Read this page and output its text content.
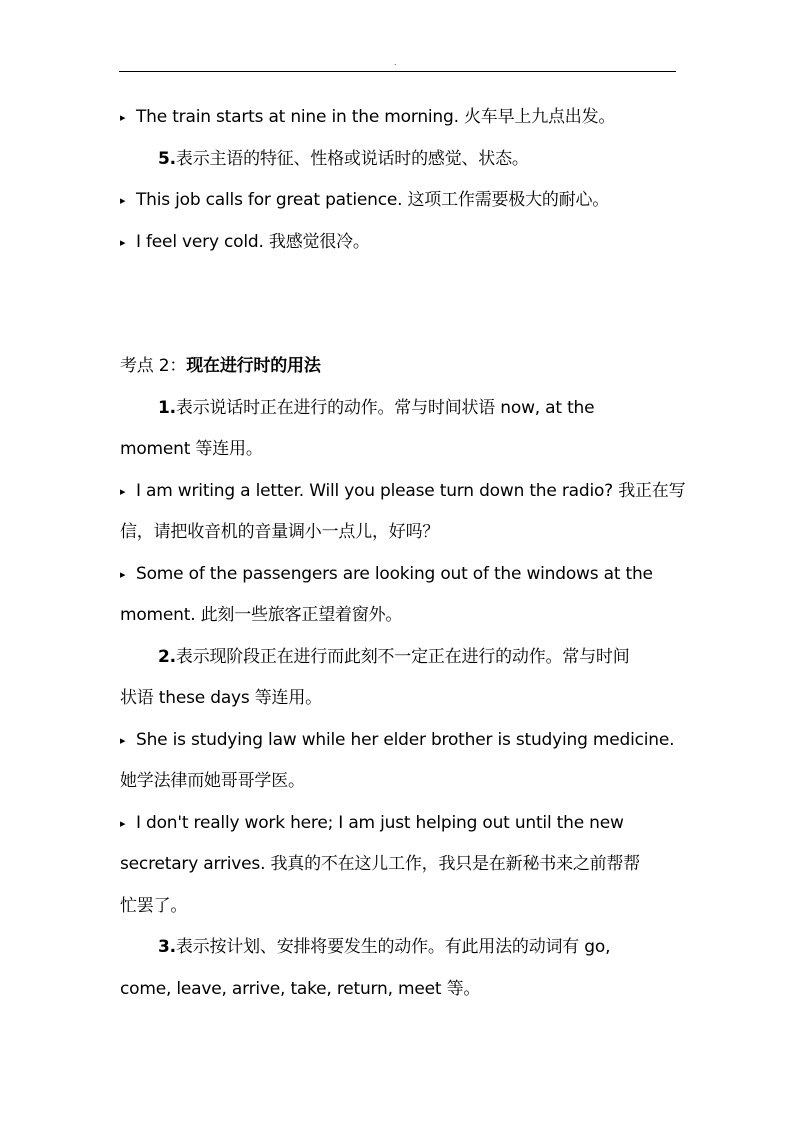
.
▸ The train starts at nine in the morning. 火车早上九点出发。
5.表示主语的特征、性格或说话时的感觉、状态。
▸ This job calls for great patience. 这项工作需要极大的耐心。
▸ I feel very cold. 我感觉很冷。
考点 2：现在进行时的用法
1.表示说话时正在进行的动作。常与时间状语 now, at the
moment 等连用。
▸ I am writing a letter. Will you please turn down the radio? 我正在写
信，请把收音机的音量调小一点儿，好吗？
▸ Some of the passengers are looking out of the windows at the
moment. 此刻一些旅客正望着窗外。
2.表示现阶段正在进行而此刻不一定正在进行的动作。常与时间
状语 these days 等连用。
▸ She is studying law while her elder brother is studying medicine.
她学法律而她哥哥学医。
▸ I don't really work here; I am just helping out until the new
secretary arrives. 我真的不在这儿工作，我只是在新秘书来之前帮帮
忙罢了。
3.表示按计划、安排将要发生的动作。有此用法的动词有 go,
come, leave, arrive, take, return, meet 等。
